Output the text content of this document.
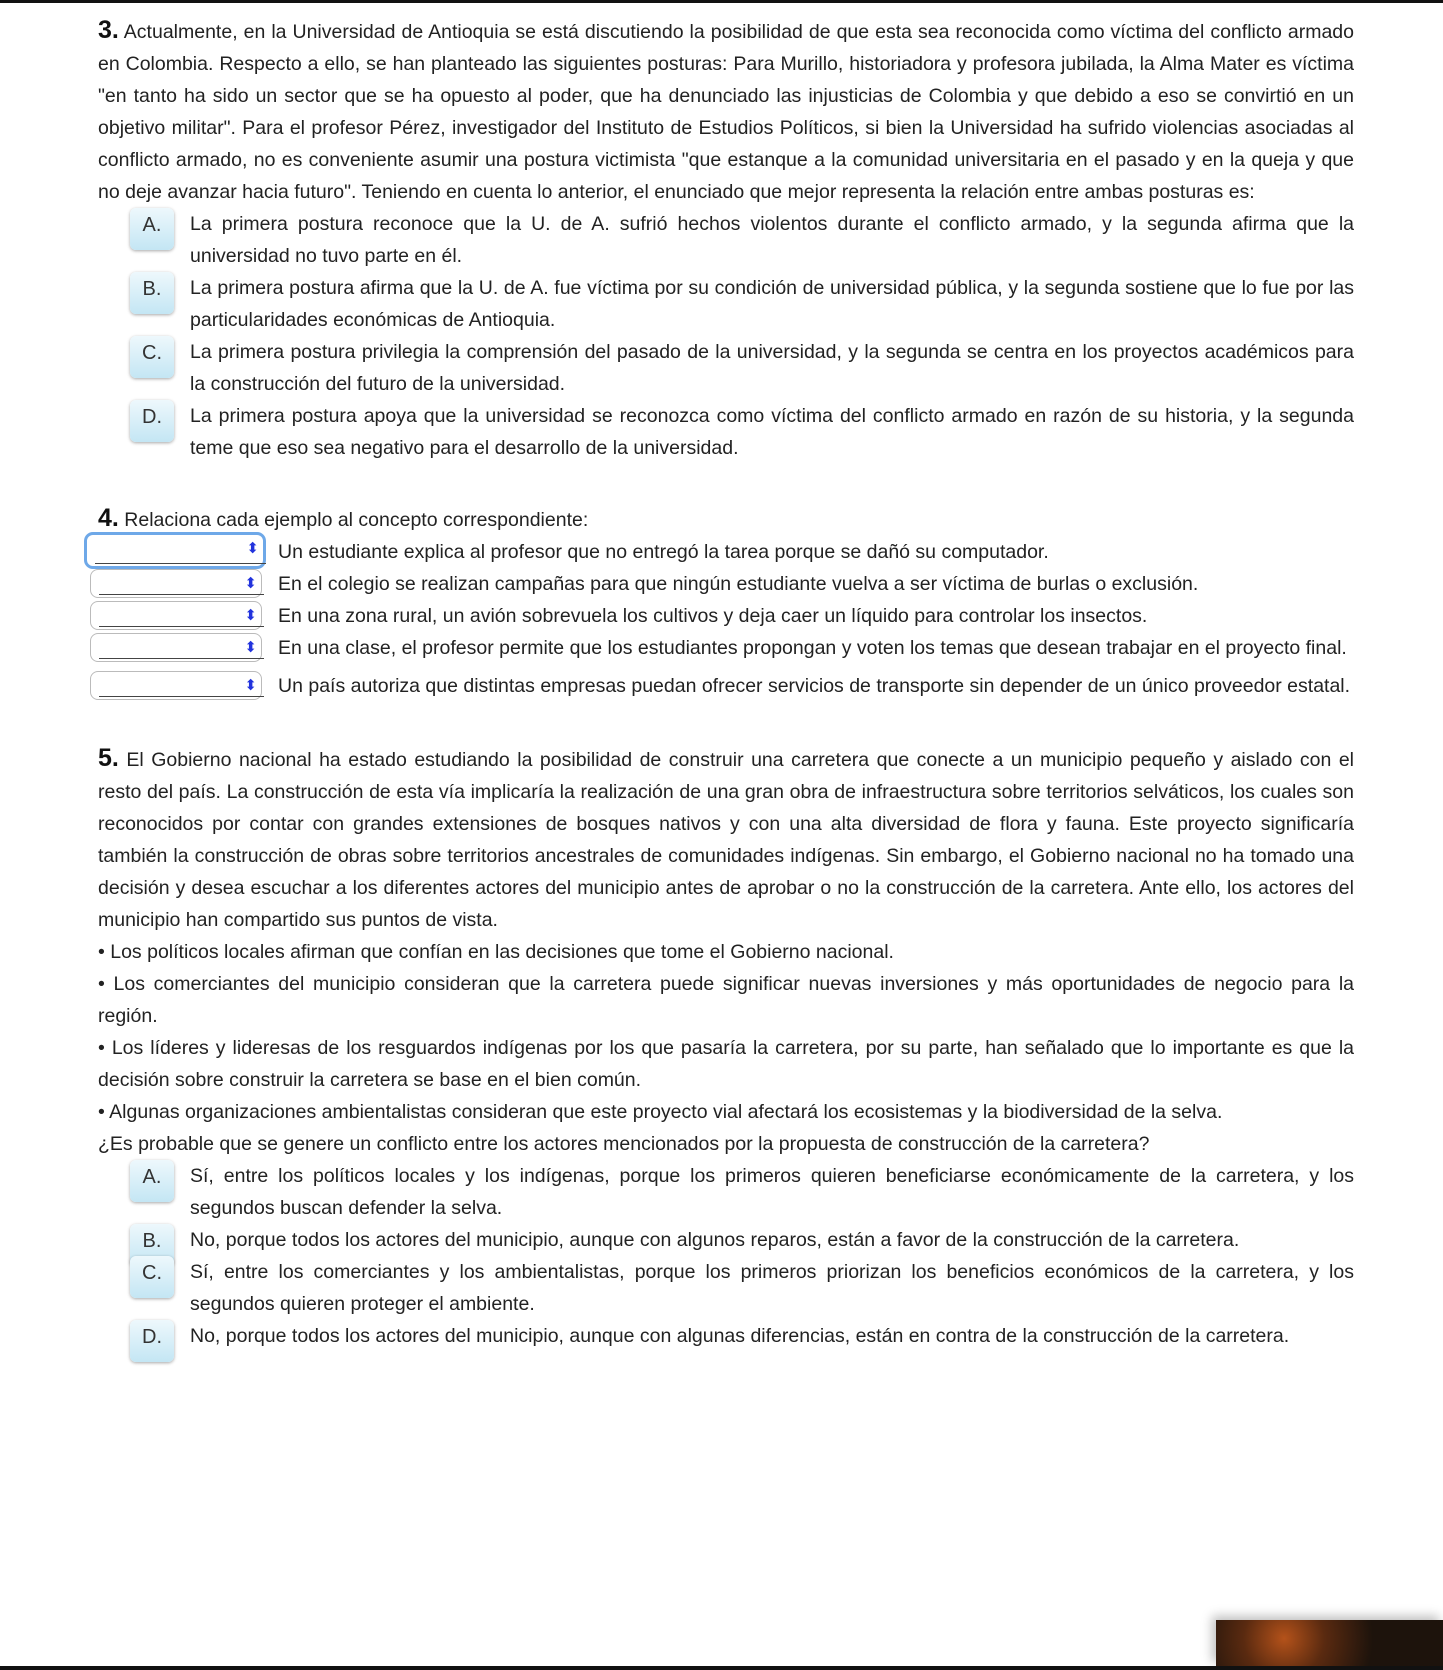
3. Actualmente, en la Universidad de Antioquia se está discutiendo la posibilidad de que esta sea reconocida como víctima del conflicto armado en Colombia. Respecto a ello, se han planteado las siguientes posturas: Para Murillo, historiadora y profesora jubilada, la Alma Mater es víctima "en tanto ha sido un sector que se ha opuesto al poder, que ha denunciado las injusticias de Colombia y que debido a eso se convirtió en un objetivo militar". Para el profesor Pérez, investigador del Instituto de Estudios Políticos, si bien la Universidad ha sufrido violencias asociadas al conflicto armado, no es conveniente asumir una postura victimista "que estanque a la comunidad universitaria en el pasado y en la queja y que no deje avanzar hacia futuro". Teniendo en cuenta lo anterior, el enunciado que mejor representa la relación entre ambas posturas es:

A.	La primera postura reconoce que la U. de A. sufrió hechos violentos durante el conflicto armado, y la segunda afirma que la universidad no tuvo parte en él.

B.	La primera postura afirma que la U. de A. fue víctima por su condición de universidad pública, y la segunda sostiene que lo fue por las particularidades económicas de Antioquia.

C.	La primera postura privilegia la comprensión del pasado de la universidad, y la segunda se centra en los proyectos académicos para la construcción del futuro de la universidad.

D.	La primera postura apoya que la universidad se reconozca como víctima del conflicto armado en razón de su historia, y la segunda teme que eso sea negativo para el desarrollo de la universidad.

4. Relaciona cada ejemplo al concepto correspondiente:

⬍ Un estudiante explica al profesor que no entregó la tarea porque se dañó su computador.

⬍ En el colegio se realizan campañas para que ningún estudiante vuelva a ser víctima de burlas o exclusión.

⬍ En una zona rural, un avión sobrevuela los cultivos y deja caer un líquido para controlar los insectos.

⬍ En una clase, el profesor permite que los estudiantes propongan y voten los temas que desean trabajar en el proyecto final.

⬍ Un país autoriza que distintas empresas puedan ofrecer servicios de transporte sin depender de un único proveedor estatal.

5. El Gobierno nacional ha estado estudiando la posibilidad de construir una carretera que conecte a un municipio pequeño y aislado con el resto del país. La construcción de esta vía implicaría la realización de una gran obra de infraestructura sobre territorios selváticos, los cuales son reconocidos por contar con grandes extensiones de bosques nativos y con una alta diversidad de flora y fauna. Este proyecto significaría también la construcción de obras sobre territorios ancestrales de comunidades indígenas. Sin embargo, el Gobierno nacional no ha tomado una decisión y desea escuchar a los diferentes actores del municipio antes de aprobar o no la construcción de la carretera. Ante ello, los actores del municipio han compartido sus puntos de vista.

• Los políticos locales afirman que confían en las decisiones que tome el Gobierno nacional.

• Los comerciantes del municipio consideran que la carretera puede significar nuevas inversiones y más oportunidades de negocio para la región.

• Los líderes y lideresas de los resguardos indígenas por los que pasaría la carretera, por su parte, han señalado que lo importante es que la decisión sobre construir la carretera se base en el bien común.

• Algunas organizaciones ambientalistas consideran que este proyecto vial afectará los ecosistemas y la biodiversidad de la selva.

¿Es probable que se genere un conflicto entre los actores mencionados por la propuesta de construcción de la carretera?

A.	Sí, entre los políticos locales y los indígenas, porque los primeros quieren beneficiarse económicamente de la carretera, y los segundos buscan defender la selva.

B.	No, porque todos los actores del municipio, aunque con algunos reparos, están a favor de la construcción de la carretera.

C.	Sí, entre los comerciantes y los ambientalistas, porque los primeros priorizan los beneficios económicos de la carretera, y los segundos quieren proteger el ambiente.

D.	No, porque todos los actores del municipio, aunque con algunas diferencias, están en contra de la construcción de la carretera.
